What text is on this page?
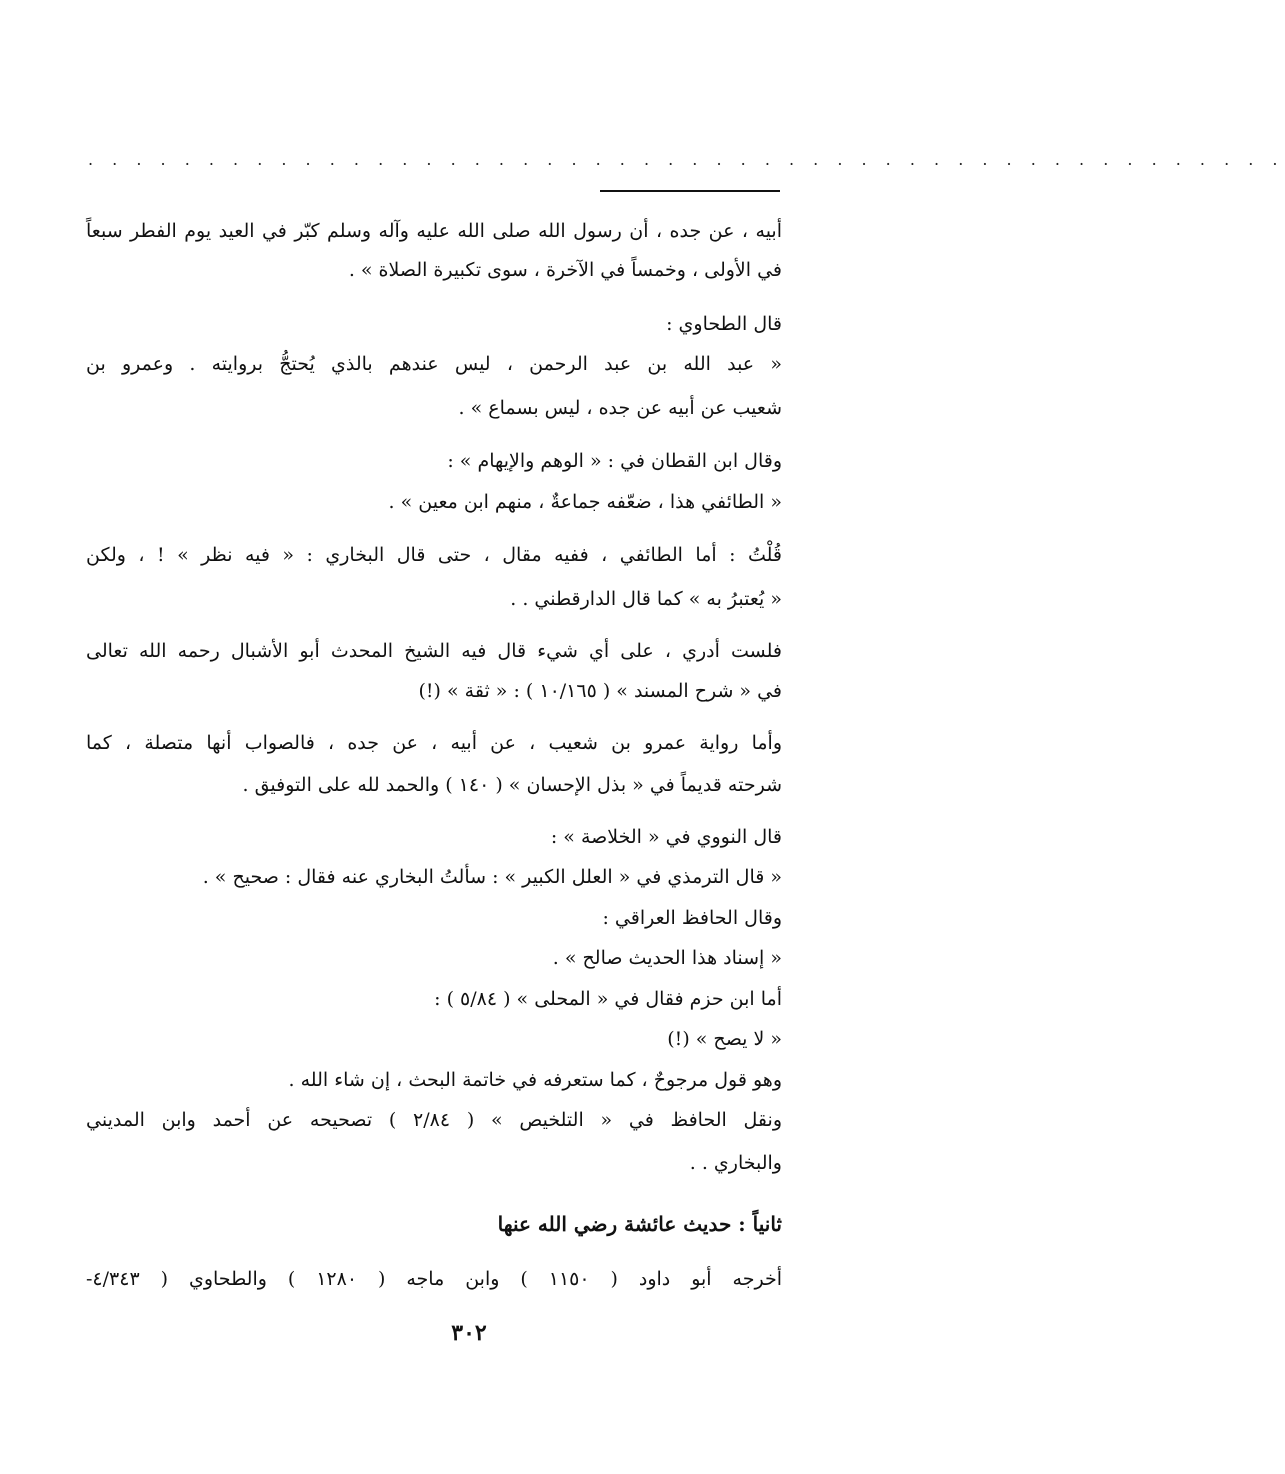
. . . . . . . . . . . . . . . . . . . . . . . . . . . . . . . . . . . . . . . . . . . . . . . . . .
أبيه ، عن جده ، أن رسول الله صلى الله عليه وآله وسلم كبّر في العيد يوم الفطر سبعاً
في الأولى ، وخمساً في الآخرة ، سوى تكبيرة الصلاة » .
قال الطحاوي :
« عبد الله بن عبد الرحمن ، ليس عندهم بالذي يُحتجُّ بروايته . وعمرو بن
شعيب عن أبيه عن جده ، ليس بسماع » .
وقال ابن القطان في : « الوهم والإيهام » :
« الطائفي هذا ، ضعّفه جماعةٌ ، منهم ابن معين » .
قُلْتُ : أما الطائفي ، ففيه مقال ، حتى قال البخاري : « فيه نظر » ! ، ولكن
« يُعتبرُ به » كما قال الدارقطني . .
فلست أدري ، على أي شيء قال فيه الشيخ المحدث أبو الأشبال رحمه الله تعالى
في « شرح المسند » ( ١٠/١٦٥ ) : « ثقة » (!)
وأما رواية عمرو بن شعيب ، عن أبيه ، عن جده ، فالصواب أنها متصلة ، كما
شرحته قديماً في « بذل الإحسان » ( ١٤٠ ) والحمد لله على التوفيق .
قال النووي في « الخلاصة » :
« قال الترمذي في « العلل الكبير » : سألتُ البخاري عنه فقال : صحيح » .
وقال الحافظ العراقي :
« إسناد هذا الحديث صالح » .
أما ابن حزم فقال في « المحلى » ( ٥/٨٤ ) :
« لا يصح » (!)
وهو قول مرجوحٌ ، كما ستعرفه في خاتمة البحث ، إن شاء الله .
ونقل الحافظ في « التلخيص » ( ٢/٨٤ ) تصحيحه عن أحمد وابن المديني
والبخاري . .
ثانياً : حديث عائشة رضي الله عنها
أخرجه أبو داود ( ١١٥٠ ) وابن ماجه ( ١٢٨٠ ) والطحاوي ( ٤/٣٤٣-
٣٠٢
